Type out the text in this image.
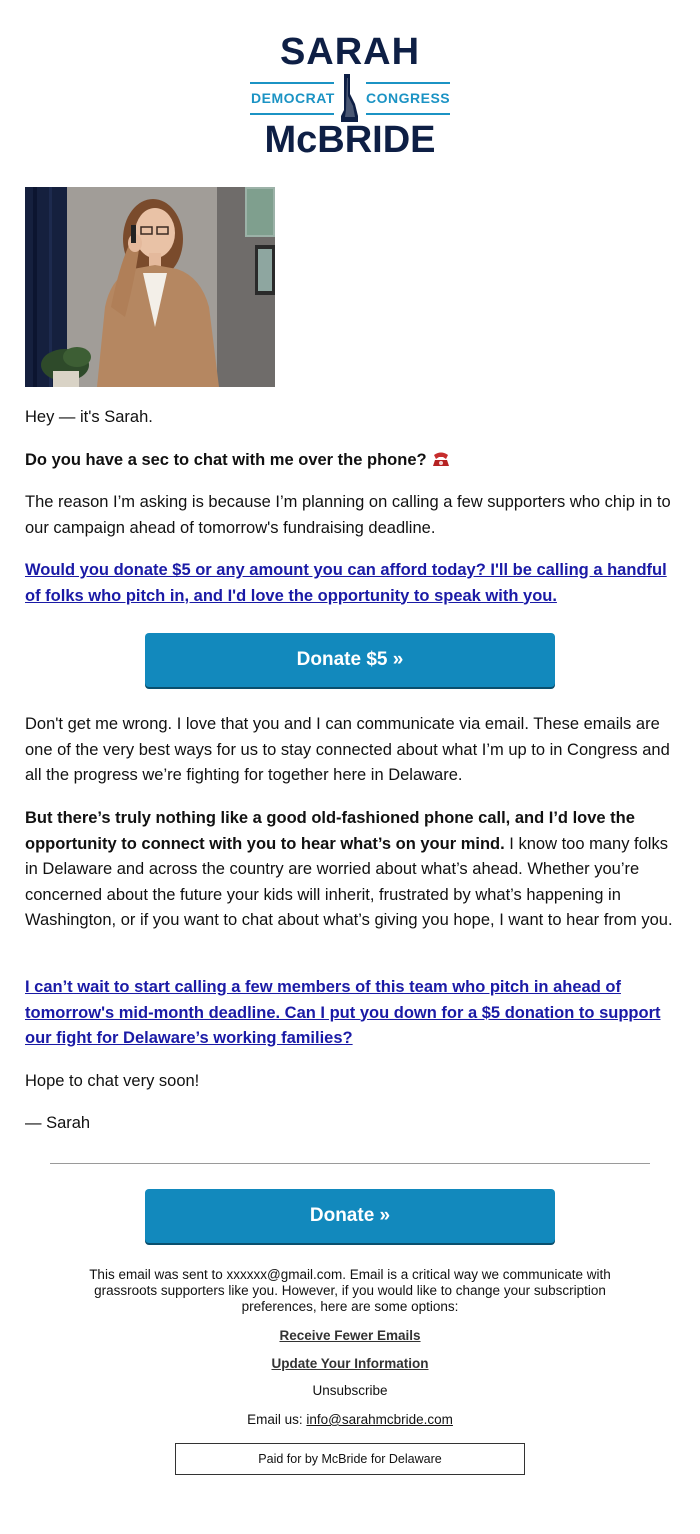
SARAH
DEMOCRAT CONGRESS
McBRIDE

Hey — it's Sarah.

Do you have a sec to chat with me over the phone?

The reason I’m asking is because I’m planning on calling a few supporters who chip in to our campaign ahead of tomorrow's fundraising deadline.

Would you donate $5 or any amount you can afford today? I'll be calling a handful of folks who pitch in, and I'd love the opportunity to speak with you.

Donate $5 »

Don't get me wrong. I love that you and I can communicate via email. These emails are one of the very best ways for us to stay connected about what I’m up to in Congress and all the progress we’re fighting for together here in Delaware.

But there’s truly nothing like a good old-fashioned phone call, and I’d love the opportunity to connect with you to hear what’s on your mind. I know too many folks in Delaware and across the country are worried about what’s ahead. Whether you’re concerned about the future your kids will inherit, frustrated by what’s happening in Washington, or if you want to chat about what’s giving you hope, I want to hear from you.

I can’t wait to start calling a few members of this team who pitch in ahead of tomorrow's mid-month deadline. Can I put you down for a $5 donation to support our fight for Delaware’s working families?

Hope to chat very soon!

— Sarah

Donate »
This email was sent to xxxxxx@gmail.com. Email is a critical way we communicate with grassroots supporters like you. However, if you would like to change your subscription preferences, here are some options:
Receive Fewer Emails
Update Your Information
Unsubscribe
Email us: info@sarahmcbride.com
Paid for by McBride for Delaware
